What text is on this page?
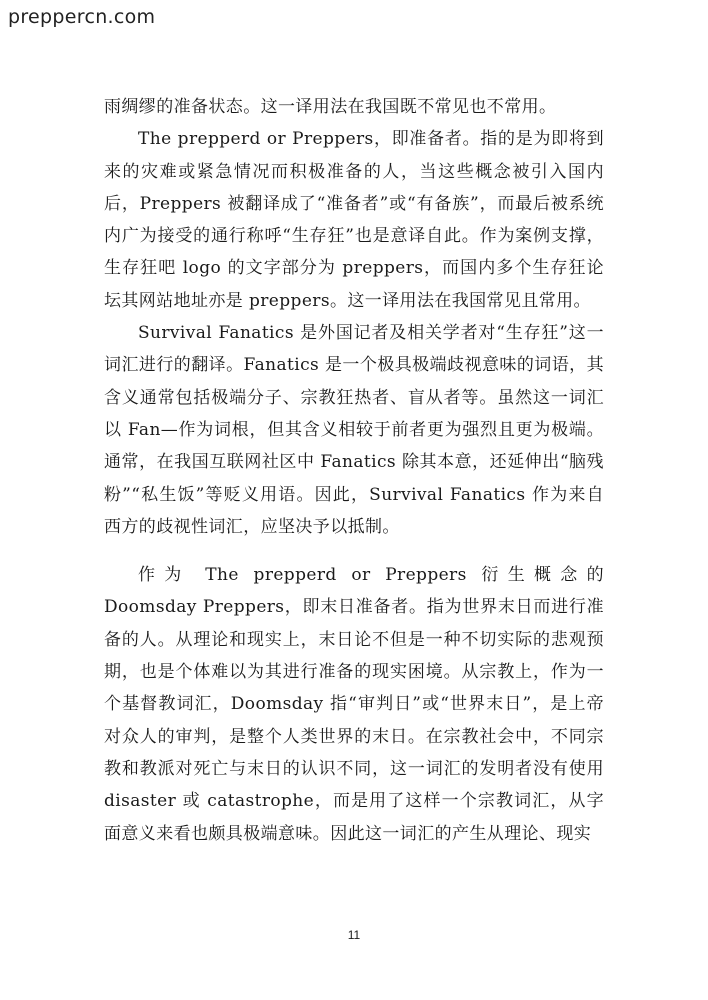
prepperc​n.com

雨绸缪的准备状态。这一译用法在我国既不常见也不常用。

The prepperd or Preppers，即准备者。指的是为即将到来的灾难或紧急情况而积极准备的人，当这些概念被引入国内后，Preppers 被翻译成了“准备者”或“有备族”，而最后被系统内广为接受的通行称呼“生存狂”也是意译自此。作为案例支撑，生存狂吧 logo 的文字部分为 preppers，而国内多个生存狂论坛其网站地址亦是 preppers。这一译用法在我国常见且常用。

Survival Fanatics 是外国记者及相关学者对“生存狂”这一词汇进行的翻译。Fanatics 是一个极具极端歧视意味的词语，其含义通常包括极端分子、宗教狂热者、盲从者等。虽然这一词汇以 Fan—作为词根，但其含义相较于前者更为强烈且更为极端。通常，在我国互联网社区中 Fanatics 除其本意，还延伸出“脑残粉”“私生饭”等贬义用语。因此，Survival Fanatics 作为来自西方的歧视性词汇，应坚决予以抵制。

作为 The prepperd or Preppers 衍生概念的 Doomsday Preppers，即末日准备者。指为世界末日而进行准备的人。从理论和现实上，末日论不但是一种不切实际的悲观预期，也是个体难以为其进行准备的现实困境。从宗教上，作为一个基督教词汇，Doomsday 指“审判日”或“世界末日”，是上帝对众人的审判，是整个人类世界的末日。在宗教社会中，不同宗教和教派对死亡与末日的认识不同，这一词汇的发明者没有使用 disaster 或 catastrophe，而是用了这样一个宗教词汇，从字面意义来看也颇具极端意味。因此这一词汇的产生从理论、现实

11
